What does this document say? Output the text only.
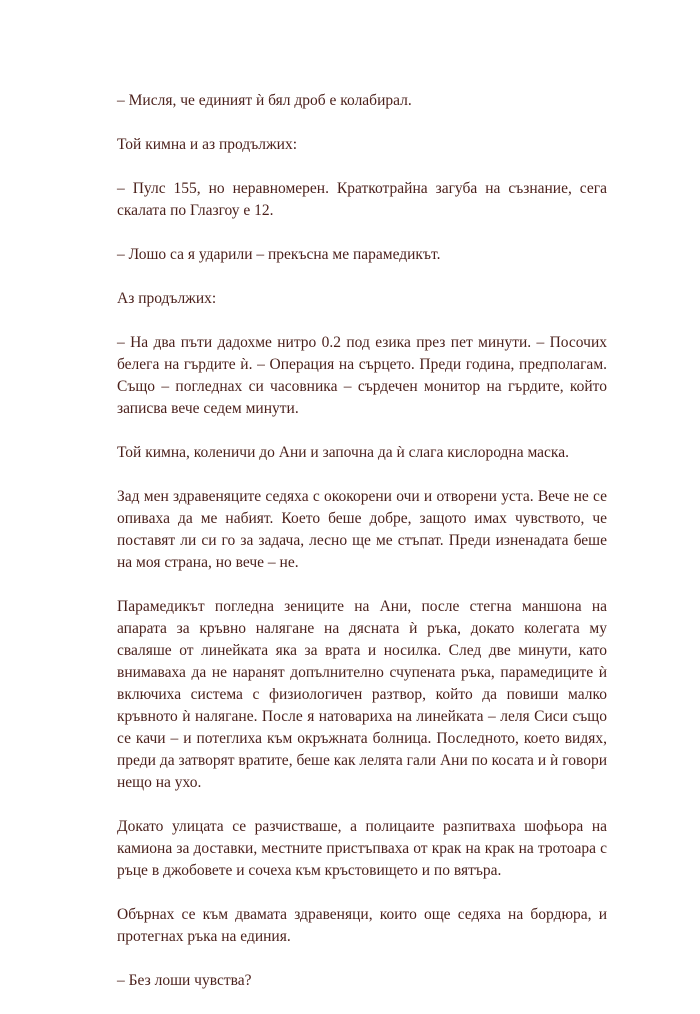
– Мисля, че единият ѝ бял дроб е колабирал.

Той кимна и аз продължих:

– Пулс 155, но неравномерен. Краткотрайна загуба на съзнание, сега скалата по Глазгоу е 12.

– Лошо са я ударили – прекъсна ме парамедикът.

Аз продължих:

– На два пъти дадохме нитро 0.2 под езика през пет минути. – Посочих белега на гърдите ѝ. – Операция на сърцето. Преди година, предполагам. Също – погледнах си часовника – сърдечен монитор на гърдите, който записва вече седем минути.

Той кимна, коленичи до Ани и започна да ѝ слага кислородна маска.

Зад мен здравеняците седяха с ококорени очи и отворени уста. Вече не се опивaха да ме набият. Което беше добре, защото имах чувството, че поставят ли си го за задача, лесно ще ме стъпат. Преди изненадата беше на моя страна, но вече – не.

Парамедикът погледна зениците на Ани, после стегна маншона на апарата за кръвно налягане на дясната ѝ ръка, докато колегата му сваляше от линейката яка за врата и носилка. След две минути, като внимаваха да не наранят допълнително счупената ръка, парамедиците ѝ включиха система с физиологичен разтвор, който да повиши малко кръвното ѝ налягане. После я натовариха на линейката – леля Сиси също се качи – и потеглиха към окръжната болница. Последното, което видях, преди да затворят вратите, беше как лелята гали Ани по косата и ѝ говори нещо на ухо.

Докато улицата се разчистваше, а полицаите разпитваха шофьора на камиона за доставки, местните пристъпваха от крак на крак на тротоара с ръце в джобовете и сочеха към кръстовището и по вятъра.

Обърнах се към двамата здравеняци, които още седяха на бордюра, и протегнах ръка на единия.

– Без лоши чувства?
